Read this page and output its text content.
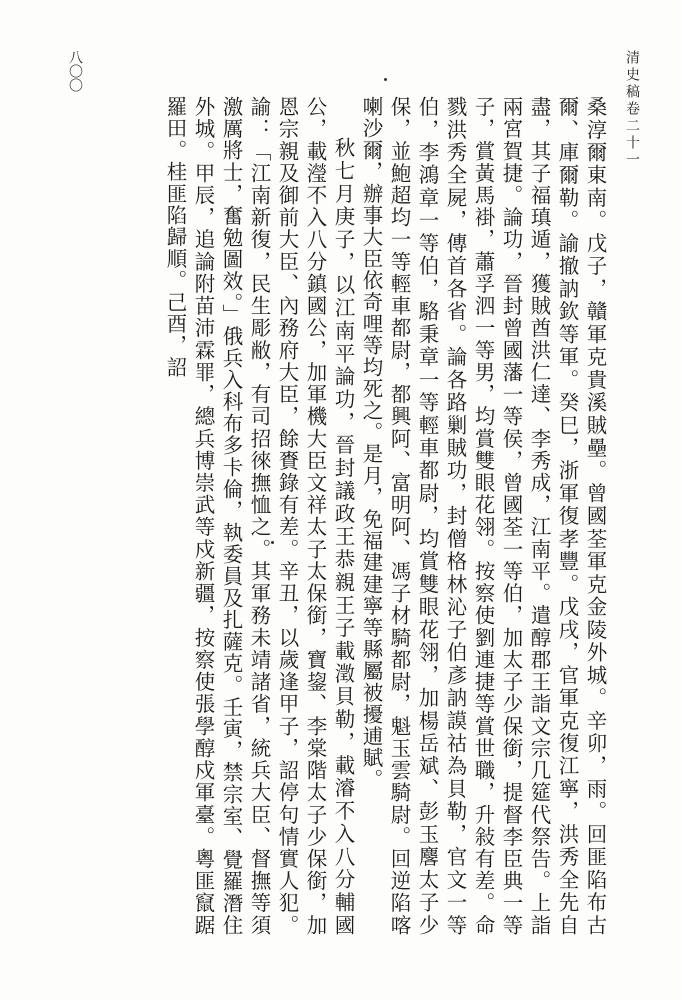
清史稿卷二十一
八〇〇

桑淳爾東南。戊子，贛軍克貴溪賊壘。曾國荃軍克金陵外城。辛卯，雨。回匪陷布古爾、庫爾勒。諭撤訥欽等軍。癸巳，浙軍復孝豐。戊戌，官軍克復江寧，洪秀全先自盡，其子福瑱遁，獲賊酋洪仁達、李秀成，江南平。遣醇郡王詣文宗几筵代祭告。上詣兩宮賀捷。論功，晉封曾國藩一等侯，曾國荃一等伯，加太子少保銜，提督李臣典一等子，賞黃馬褂，蕭孚泗一等男，均賞雙眼花翎。按察使劉連捷等賞世職，升敍有差。命戮洪秀全屍，傳首各省。論各路剿賊功，封僧格林沁子伯彥訥謨祜為貝勒，官文一等伯，李鴻章一等伯，駱秉章一等輕車都尉，均賞雙眼花翎，加楊岳斌、彭玉麐太子少保，並鮑超均一等輕車都尉，都興阿、富明阿、馮子材騎都尉，魁玉雲騎尉。回逆陷喀喇沙爾，辦事大臣依奇哩等均死之。是月，免福建建寧等縣屬被擾逋賦。

秋七月庚子，以江南平論功，晉封議政王恭親王子載澂貝勒，載濬不入八分輔國公，載瀅不入八分鎮國公，加軍機大臣文祥太子太保銜，寶鋆、李棠階太子少保銜，加恩宗親及御前大臣、內務府大臣，餘賚錄有差。辛丑，以歲逢甲子，詔停句情實人犯。諭：「江南新復，民生彫敝，有司招徠撫恤之。其軍務未靖諸省，統兵大臣、督撫等須激厲將士，奮勉圖效。」俄兵入科布多卡倫，執委員及扎薩克。壬寅，禁宗室、覺羅潛住外城。甲辰，追論附苗沛霖罪，總兵博崇武等戍新疆，按察使張學醇戍軍臺。粵匪竄踞羅田。桂匪陷歸順。己酉，詔
